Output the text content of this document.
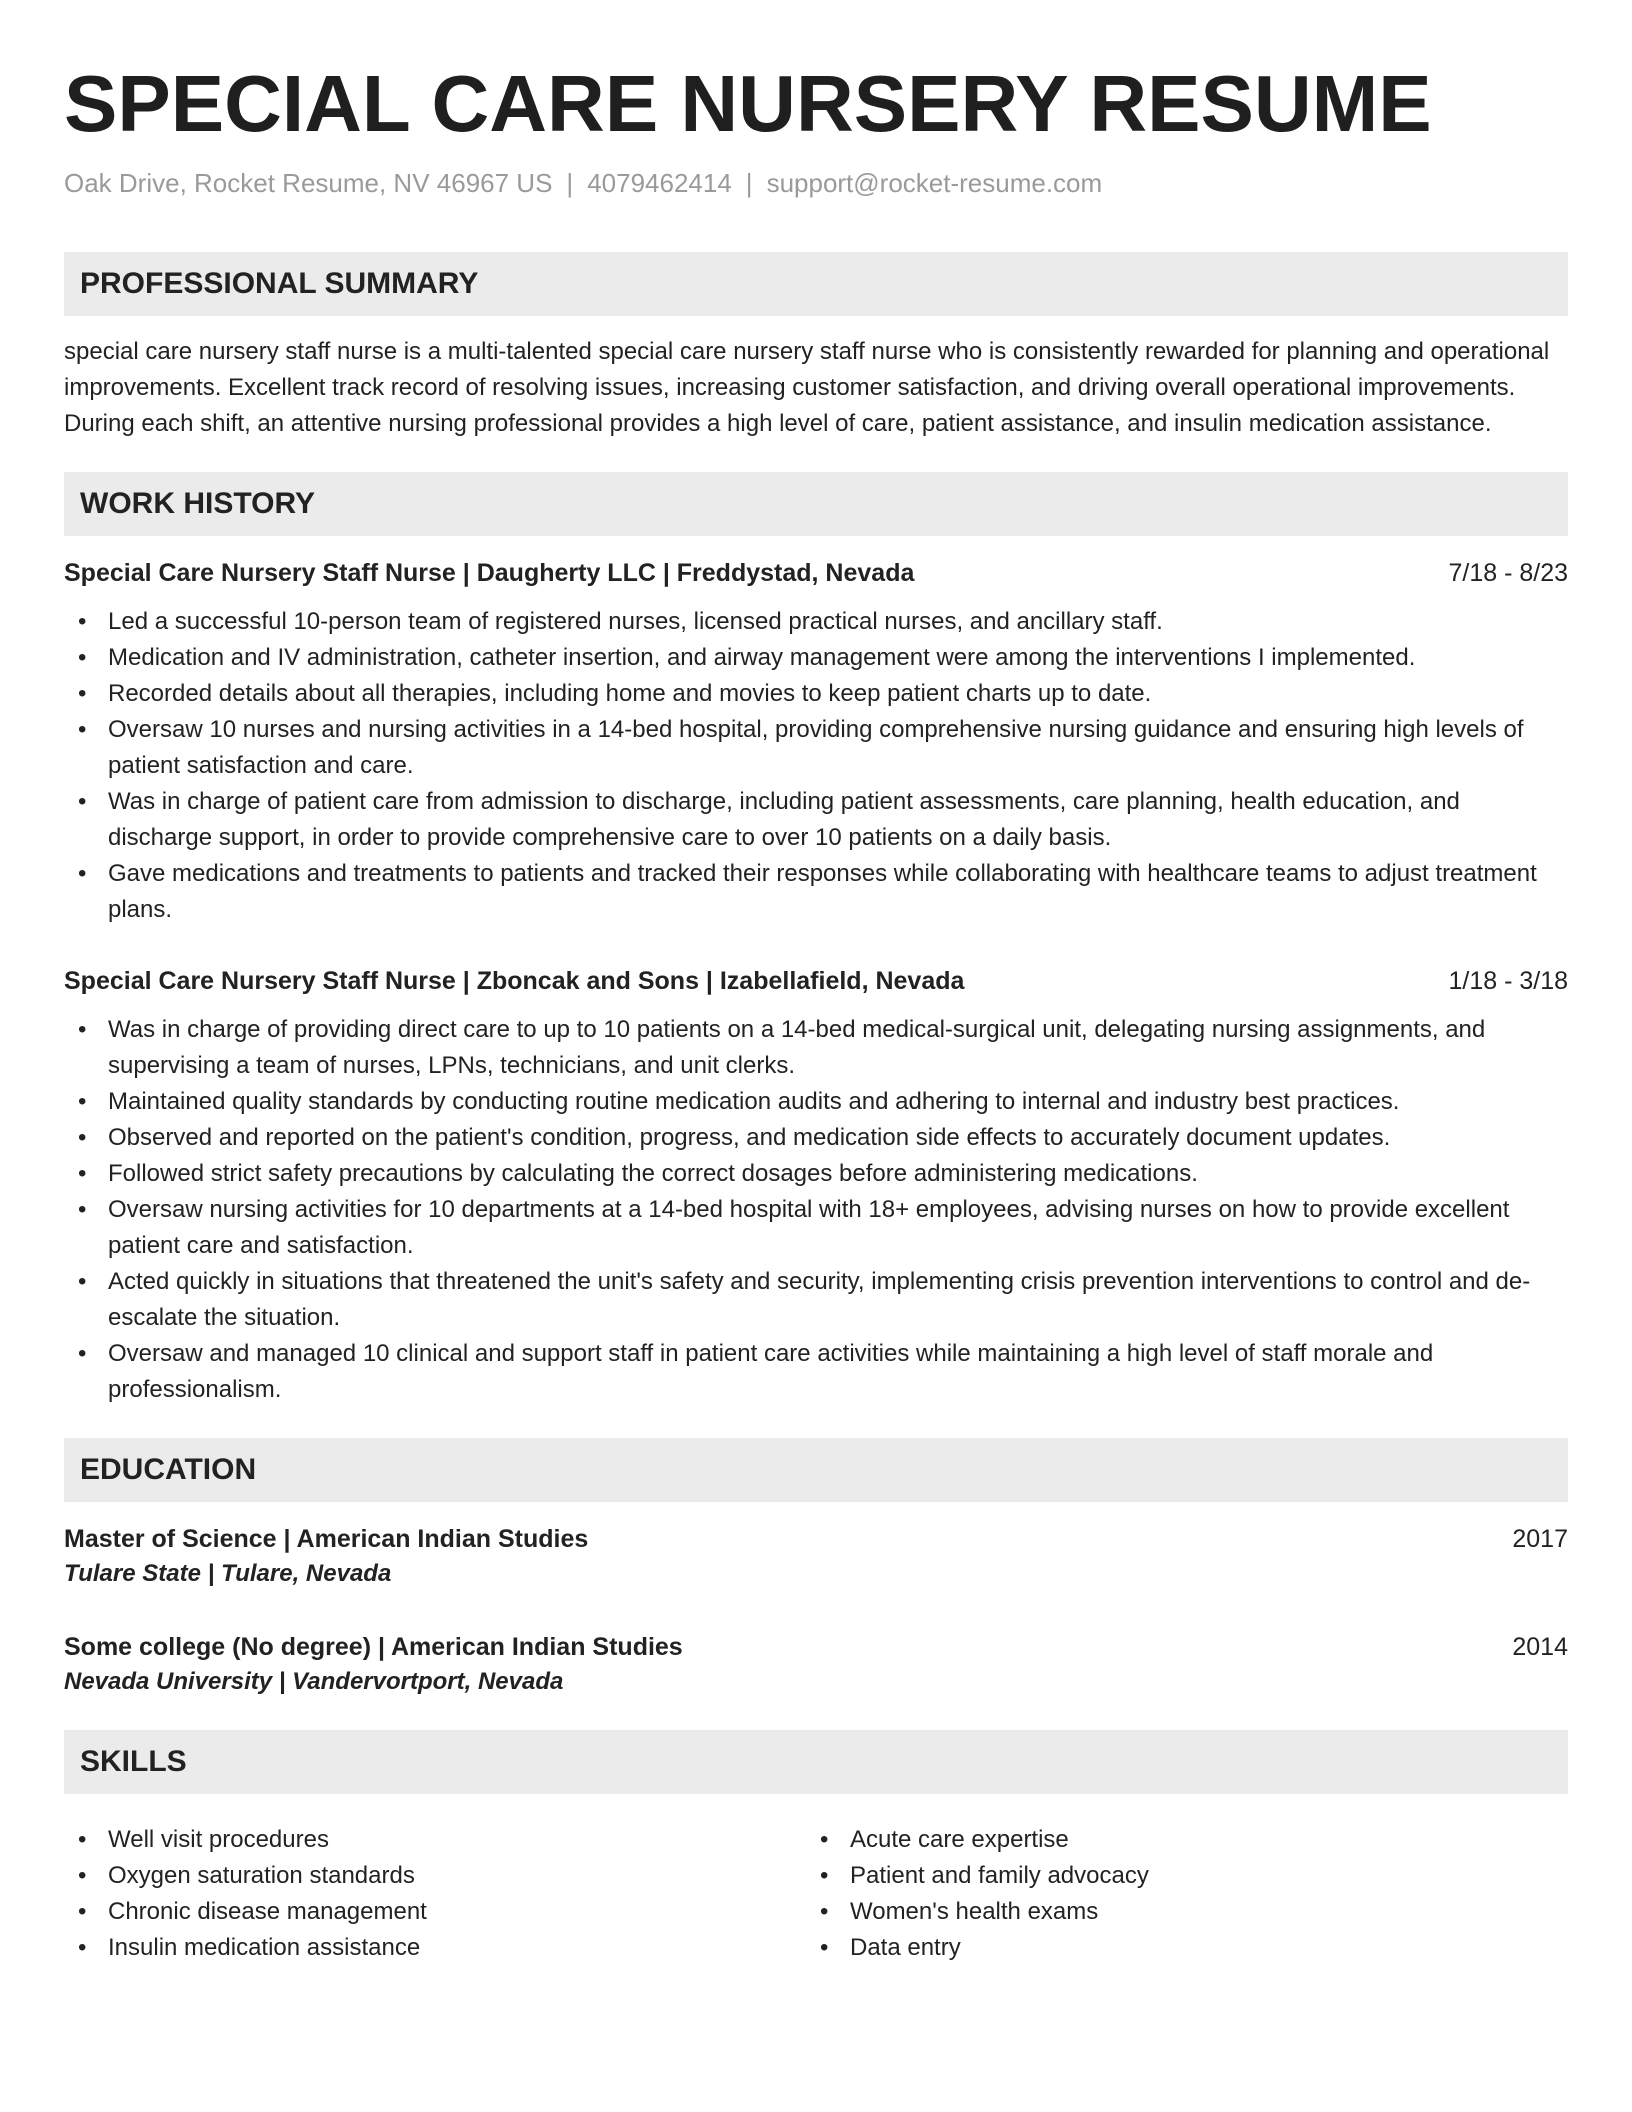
SPECIAL CARE NURSERY RESUME
Oak Drive, Rocket Resume, NV 46967 US | 4079462414 | support@rocket-resume.com
PROFESSIONAL SUMMARY

special care nursery staff nurse is a multi-talented special care nursery staff nurse who is consistently rewarded for planning and operational improvements. Excellent track record of resolving issues, increasing customer satisfaction, and driving overall operational improvements. During each shift, an attentive nursing professional provides a high level of care, patient assistance, and insulin medication assistance.

WORK HISTORY
Special Care Nursery Staff Nurse | Daugherty LLC | Freddystad, Nevada	7/18 - 8/23
• Led a successful 10-person team of registered nurses, licensed practical nurses, and ancillary staff.
• Medication and IV administration, catheter insertion, and airway management were among the interventions I implemented.
• Recorded details about all therapies, including home and movies to keep patient charts up to date.
• Oversaw 10 nurses and nursing activities in a 14-bed hospital, providing comprehensive nursing guidance and ensuring high levels of patient satisfaction and care.
• Was in charge of patient care from admission to discharge, including patient assessments, care planning, health education, and discharge support, in order to provide comprehensive care to over 10 patients on a daily basis.
• Gave medications and treatments to patients and tracked their responses while collaborating with healthcare teams to adjust treatment plans.
Special Care Nursery Staff Nurse | Zboncak and Sons | Izabellafield, Nevada	1/18 - 3/18
• Was in charge of providing direct care to up to 10 patients on a 14-bed medical-surgical unit, delegating nursing assignments, and supervising a team of nurses, LPNs, technicians, and unit clerks.
• Maintained quality standards by conducting routine medication audits and adhering to internal and industry best practices.
• Observed and reported on the patient's condition, progress, and medication side effects to accurately document updates.
• Followed strict safety precautions by calculating the correct dosages before administering medications.
• Oversaw nursing activities for 10 departments at a 14-bed hospital with 18+ employees, advising nurses on how to provide excellent patient care and satisfaction.
• Acted quickly in situations that threatened the unit's safety and security, implementing crisis prevention interventions to control and de-escalate the situation.
• Oversaw and managed 10 clinical and support staff in patient care activities while maintaining a high level of staff morale and professionalism.
EDUCATION
Master of Science | American Indian Studies	2017
Tulare State | Tulare, Nevada
Some college (No degree) | American Indian Studies	2014
Nevada University | Vandervortport, Nevada
SKILLS
• Well visit procedures
• Oxygen saturation standards
• Chronic disease management
• Insulin medication assistance
• Acute care expertise
• Patient and family advocacy
• Women's health exams
• Data entry
